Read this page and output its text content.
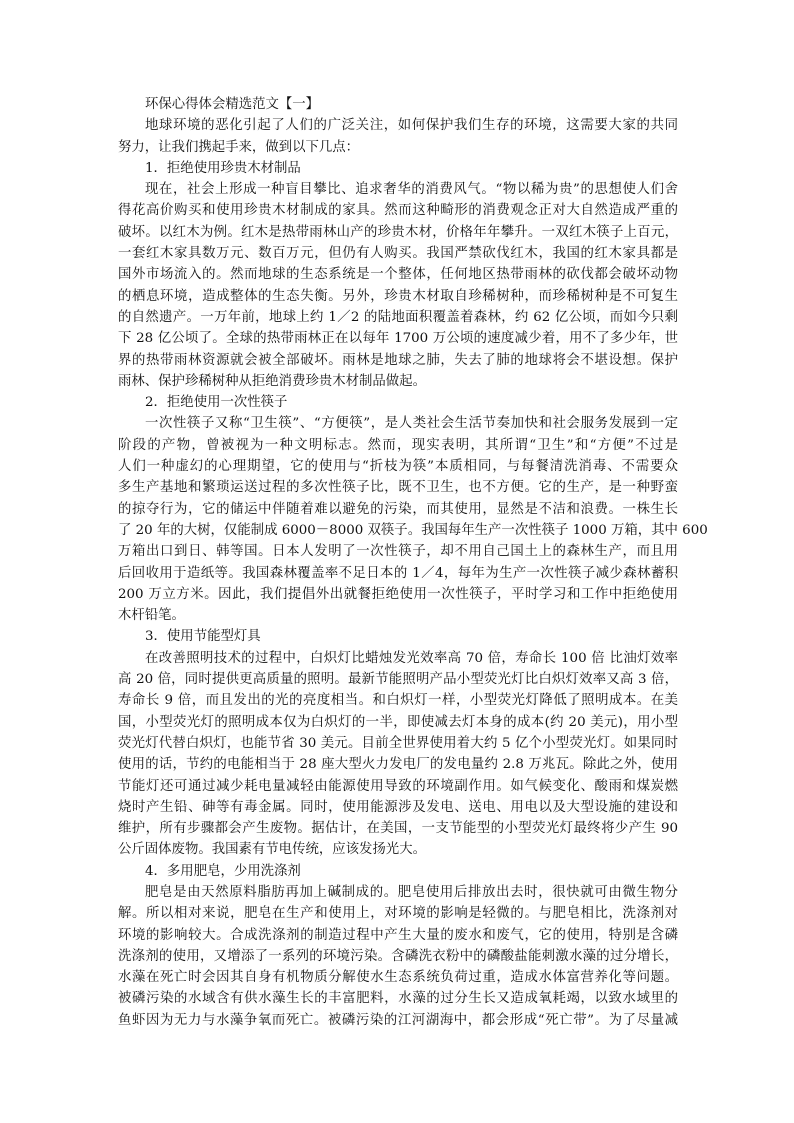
环保心得体会精选范文【一】
地球环境的恶化引起了人们的广泛关注，如何保护我们生存的环境，这需要大家的共同
努力，让我们携起手来，做到以下几点：
1．拒绝使用珍贵木材制品
现在，社会上形成一种盲目攀比、追求奢华的消费风气。“物以稀为贵”的思想使人们舍
得花高价购买和使用珍贵木材制成的家具。然而这种畸形的消费观念正对大自然造成严重的
破坏。以红木为例。红木是热带雨林山产的珍贵木材，价格年年攀升。一双红木筷子上百元，
一套红木家具数万元、数百万元，但仍有人购买。我国严禁砍伐红木，我国的红木家具都是
国外市场流入的。然而地球的生态系统是一个整体，任何地区热带雨林的砍伐都会破坏动物
的栖息环境，造成整体的生态失衡。另外，珍贵木材取自珍稀树种，而珍稀树种是不可复生
的自然遗产。一万年前，地球上约 1／2 的陆地面积覆盖着森林，约 62 亿公顷，而如今只剩
下 28 亿公顷了。全球的热带雨林正在以每年 1700 万公顷的速度减少着，用不了多少年，世
界的热带雨林资源就会被全部破坏。雨林是地球之肺，失去了肺的地球将会不堪设想。保护
雨林、保护珍稀树种从拒绝消费珍贵木材制品做起。
2．拒绝使用一次性筷子
一次性筷子又称“卫生筷”、“方便筷”，是人类社会生活节奏加快和社会服务发展到一定
阶段的产物，曾被视为一种文明标志。然而，现实表明，其所谓“卫生”和“方便”不过是
人们一种虚幻的心理期望，它的使用与“折枝为筷”本质相同，与每餐清洗消毒、不需要众
多生产基地和繁琐运送过程的多次性筷子比，既不卫生，也不方便。它的生产，是一种野蛮
的掠夺行为，它的储运中伴随着难以避免的污染，而其使用，显然是不洁和浪费。一株生长
了 20 年的大树，仅能制成 6000－8000 双筷子。我国每年生产一次性筷子 1000 万箱，其中 600
万箱出口到日、韩等国。日本人发明了一次性筷子，却不用自己国土上的森林生产，而且用
后回收用于造纸等。我国森林覆盖率不足日本的 1／4，每年为生产一次性筷子减少森林蓄积
200 万立方米。因此，我们提倡外出就餐拒绝使用一次性筷子，平时学习和工作中拒绝使用
木杆铅笔。
3．使用节能型灯具
在改善照明技术的过程中，白炽灯比蜡烛发光效率高 70 倍，寿命长 100 倍 比油灯效率
高 20 倍，同时提供更高质量的照明。最新节能照明产品小型荧光灯比白炽灯效率又高 3 倍，
寿命长 9 倍，而且发出的光的亮度相当。和白炽灯一样，小型荧光灯降低了照明成本。在美
国，小型荧光灯的照明成本仅为白炽灯的一半，即使减去灯本身的成本(约 20 美元)，用小型
荧光灯代替白炽灯，也能节省 30 美元。目前全世界使用着大约 5 亿个小型荧光灯。如果同时
使用的话，节约的电能相当于 28 座大型火力发电厂的发电量约 2.8 万兆瓦。除此之外，使用
节能灯还可通过减少耗电量减轻由能源使用导致的环境副作用。如气候变化、酸雨和煤炭燃
烧时产生铅、砷等有毒金属。同时，使用能源涉及发电、送电、用电以及大型设施的建设和
维护，所有步骤都会产生废物。据估计，在美国，一支节能型的小型荧光灯最终将少产生 90
公斤固体废物。我国素有节电传统，应该发扬光大。
4．多用肥皂，少用洗涤剂
肥皂是由天然原料脂肪再加上碱制成的。肥皂使用后排放出去时，很快就可由微生物分
解。所以相对来说，肥皂在生产和使用上，对环境的影响是轻微的。与肥皂相比，洗涤剂对
环境的影响较大。合成洗涤剂的制造过程中产生大量的废水和废气，它的使用，特别是含磷
洗涤剂的使用，又增添了一系列的环境污染。含磷洗衣粉中的磷酸盐能刺激水藻的过分增长，
水藻在死亡时会因其自身有机物质分解使水生态系统负荷过重，造成水体富营养化等问题。
被磷污染的水域含有供水藻生长的丰富肥料，水藻的过分生长又造成氧耗竭，以致水域里的
鱼虾因为无力与水藻争氧而死亡。被磷污染的江河湖海中，都会形成“死亡带”。为了尽量减
